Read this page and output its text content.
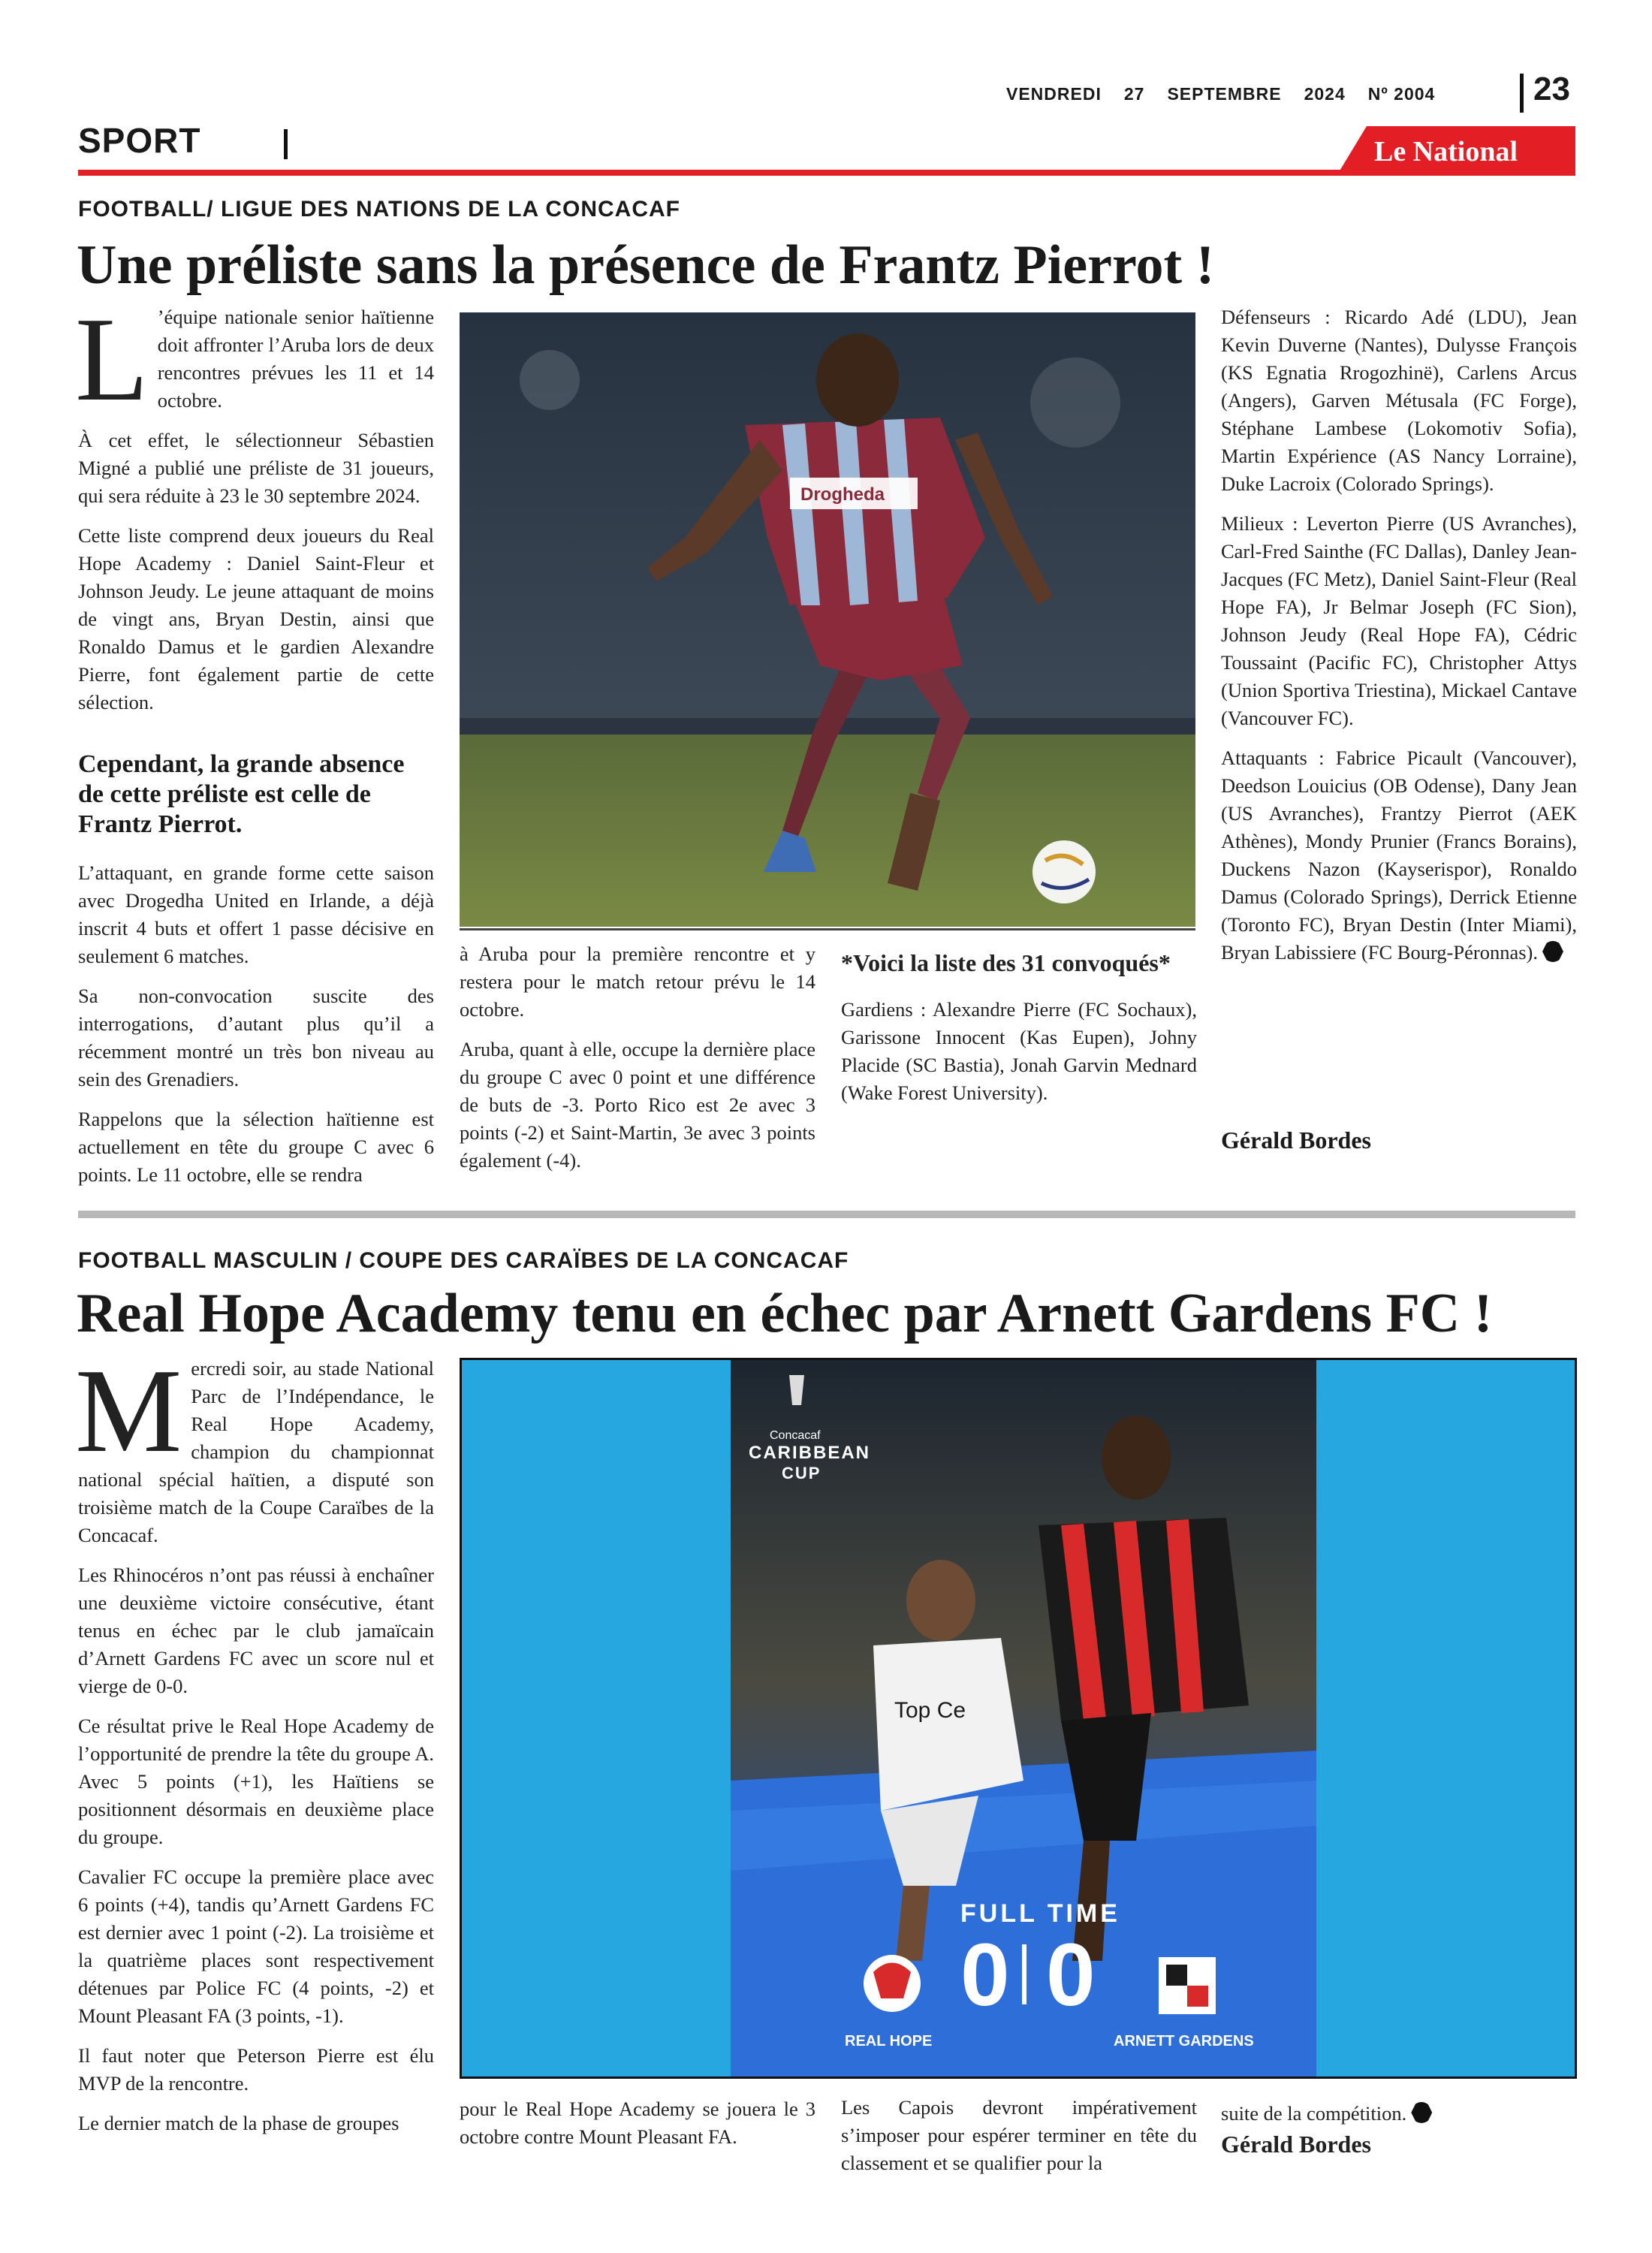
VENDREDI 27 SEPTEMBRE 2024 Nº 2004	23
SPORT	Le National
FOOTBALL/ LIGUE DES NATIONS DE LA CONCACAF
Une préliste sans la présence de Frantz Pierrot !

L ’équipe nationale senior haïtienne doit affronter l’Aruba lors de deux rencontres prévues les 11 et 14 octobre.

À cet effet, le sélectionneur Sébastien Migné a publié une préliste de 31 joueurs, qui sera réduite à 23 le 30 septembre 2024.

Cette liste comprend deux joueurs du Real Hope Academy : Daniel Saint-Fleur et Johnson Jeudy. Le jeune attaquant de moins de vingt ans, Bryan Destin, ainsi que Ronaldo Damus et le gardien Alexandre Pierre, font également partie de cette sélection.

Cependant, la grande absence de cette préliste est celle de Frantz Pierrot.

L’attaquant, en grande forme cette saison avec Drogedha United en Irlande, a déjà inscrit 4 buts et offert 1 passe décisive en seulement 6 matches.

Sa non-convocation suscite des interrogations, d’autant plus qu’il a récemment montré un très bon niveau au sein des Grenadiers.

Rappelons que la sélection haïtienne est actuellement en tête du groupe C avec 6 points. Le 11 octobre, elle se rendra

Drogheda

à Aruba pour la première rencontre et y restera pour le match retour prévu le 14 octobre.

Aruba, quant à elle, occupe la dernière place du groupe C avec 0 point et une différence de buts de -3. Porto Rico est 2e avec 3 points (-2) et Saint-Martin, 3e avec 3 points également (-4).

*Voici la liste des 31 convoqués*

Gardiens : Alexandre Pierre (FC Sochaux), Garissone Innocent (Kas Eupen), Johny Placide (SC Bastia), Jonah Garvin Mednard (Wake Forest University).

Défenseurs : Ricardo Adé (LDU), Jean Kevin Duverne (Nantes), Dulysse François (KS Egnatia Rrogozhinë), Carlens Arcus (Angers), Garven Métusala (FC Forge), Stéphane Lambese (Lokomotiv Sofia), Martin Expérience (AS Nancy Lorraine), Duke Lacroix (Colorado Springs).

Milieux : Leverton Pierre (US Avranches), Carl-Fred Sainthe (FC Dallas), Danley Jean-Jacques (FC Metz), Daniel Saint-Fleur (Real Hope FA), Jr Belmar Joseph (FC Sion), Johnson Jeudy (Real Hope FA), Cédric Toussaint (Pacific FC), Christopher Attys (Union Sportiva Triestina), Mickael Cantave (Vancouver FC).

Attaquants : Fabrice Picault (Vancouver), Deedson Louicius (OB Odense), Dany Jean (US Avranches), Frantzy Pierrot (AEK Athènes), Mondy Prunier (Francs Borains), Duckens Nazon (Kayserispor), Ronaldo Damus (Colorado Springs), Derrick Etienne (Toronto FC), Bryan Destin (Inter Miami), Bryan Labissiere (FC Bourg-Péronnas).

Gérald Bordes
FOOTBALL MASCULIN / COUPE DES CARAÏBES DE LA CONCACAF
Real Hope Academy tenu en échec par Arnett Gardens FC !

Mercredi soir, au stade National Parc de l’Indépendance, le Real Hope Academy, champion du championnat national spécial haïtien, a disputé son troisième match de la Coupe Caraïbes de la Concacaf.

Les Rhinocéros n’ont pas réussi à enchaîner une deuxième victoire consécutive, étant tenus en échec par le club jamaïcain d’Arnett Gardens FC avec un score nul et vierge de 0-0.

Ce résultat prive le Real Hope Academy de l’opportunité de prendre la tête du groupe A. Avec 5 points (+1), les Haïtiens se positionnent désormais en deuxième place du groupe.

Cavalier FC occupe la première place avec 6 points (+4), tandis qu’Arnett Gardens FC est dernier avec 1 point (-2). La troisième et la quatrième places sont respectivement détenues par Police FC (4 points, -2) et Mount Pleasant FA (3 points, -1).

Il faut noter que Peterson Pierre est élu MVP de la rencontre.

Le dernier match de la phase de groupes

Concacaf
CARIBBEAN
CUP
Top Ce
FULL TIME
0 0
REAL HOPE	ARNETT GARDENS

pour le Real Hope Academy se jouera le 3 octobre contre Mount Pleasant FA.

Les Capois devront impérativement s’imposer pour espérer terminer en tête du classement et se qualifier pour la

suite de la compétition.

Gérald Bordes
